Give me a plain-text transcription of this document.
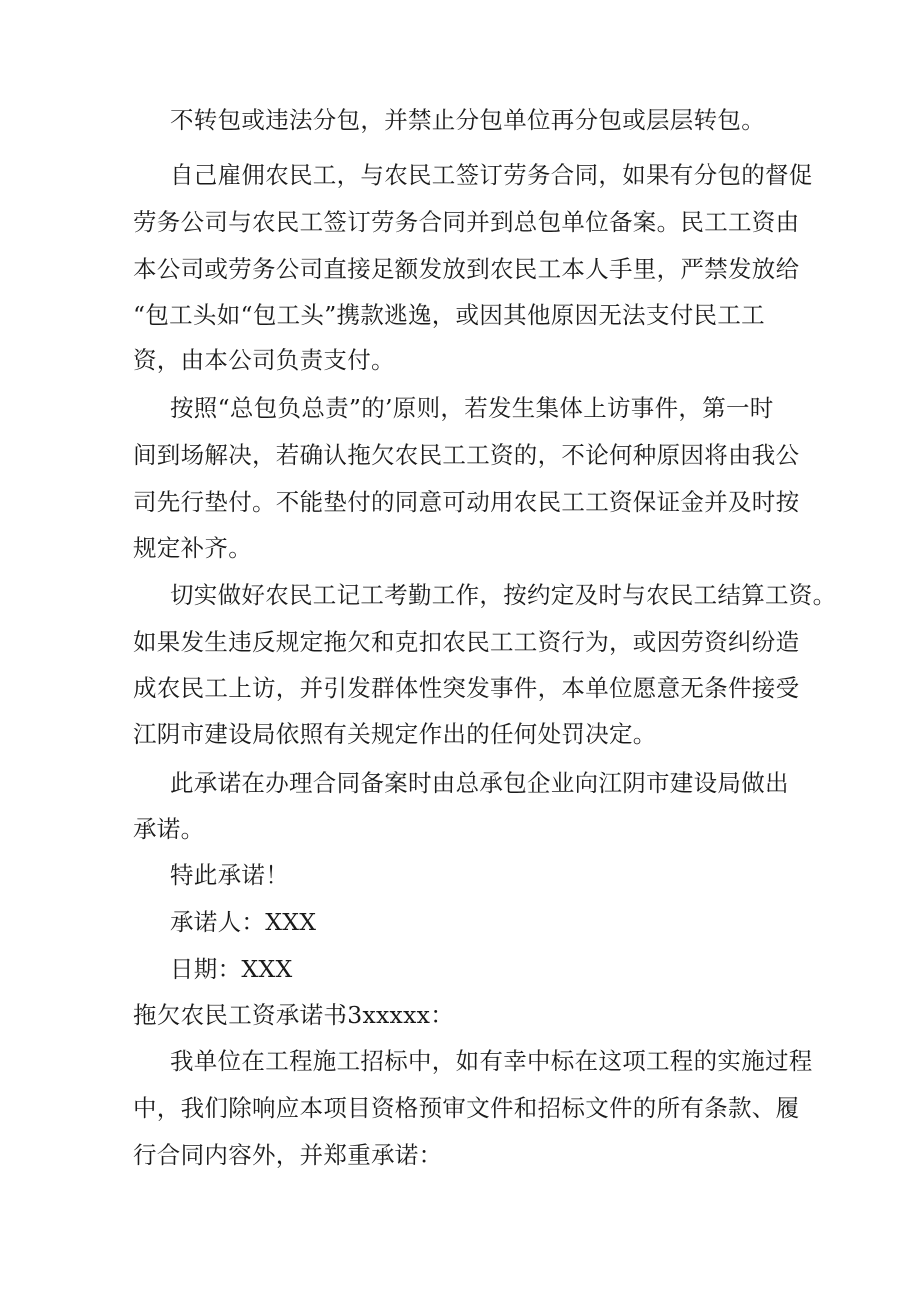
不转包或违法分包，并禁止分包单位再分包或层层转包。
自己雇佣农民工，与农民工签订劳务合同，如果有分包的督促
劳务公司与农民工签订劳务合同并到总包单位备案。民工工资由
本公司或劳务公司直接足额发放到农民工本人手里，严禁发放给
“包工头如“包工头”携款逃逸，或因其他原因无法支付民工工
资，由本公司负责支付。
按照“总包负总责”的’原则，若发生集体上访事件，第一时
间到场解决，若确认拖欠农民工工资的，不论何种原因将由我公
司先行垫付。不能垫付的同意可动用农民工工资保证金并及时按
规定补齐。
切实做好农民工记工考勤工作，按约定及时与农民工结算工资。
如果发生违反规定拖欠和克扣农民工工资行为，或因劳资纠纷造
成农民工上访，并引发群体性突发事件，本单位愿意无条件接受
江阴市建设局依照有关规定作出的任何处罚决定。
此承诺在办理合同备案时由总承包企业向江阴市建设局做出
承诺。
特此承诺！
承诺人：XXX
日期：XXX
拖欠农民工资承诺书3xxxxx：
我单位在工程施工招标中，如有幸中标在这项工程的实施过程
中，我们除响应本项目资格预审文件和招标文件的所有条款、履
行合同内容外，并郑重承诺：
